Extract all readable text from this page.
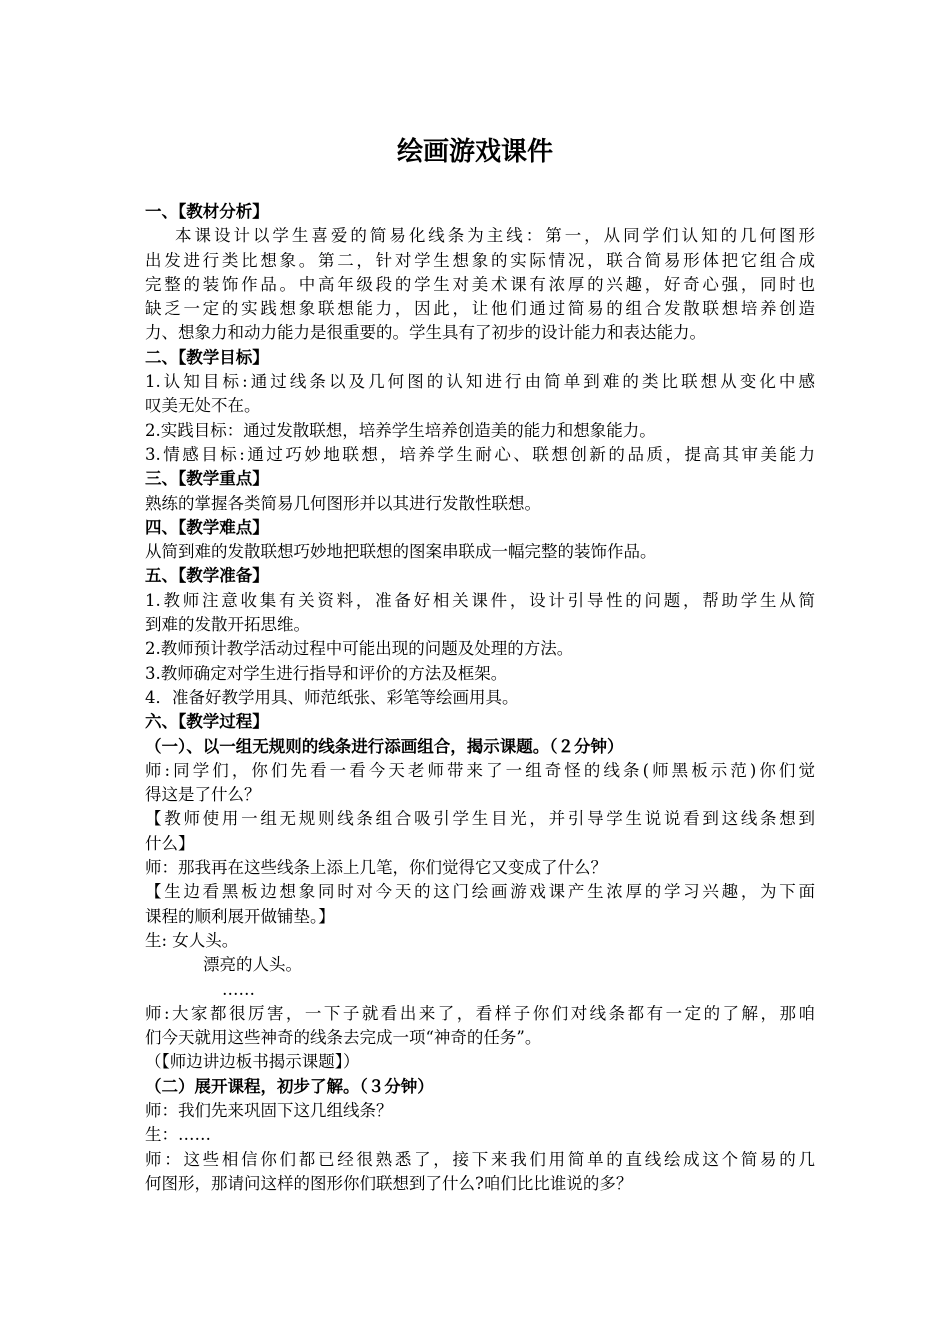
绘画游戏课件
一、【教材分析】
本课设计以学生喜爱的简易化线条为主线：第一，从同学们认知的几何图形
出发进行类比想象。第二，针对学生想象的实际情况，联合简易形体把它组合成
完整的装饰作品。中高年级段的学生对美术课有浓厚的兴趣，好奇心强，同时也
缺乏一定的实践想象联想能力，因此，让他们通过简易的组合发散联想培养创造
力、想象力和动力能力是很重要的。学生具有了初步的设计能力和表达能力。
二、【教学目标】
1.认知目标:通过线条以及几何图的认知进行由简单到难的类比联想从变化中感
叹美无处不在。
2.实践目标：通过发散联想，培养学生培养创造美的能力和想象能力。
3.情感目标:通过巧妙地联想，培养学生耐心、联想创新的品质，提高其审美能力
三、【教学重点】
熟练的掌握各类简易几何图形并以其进行发散性联想。
四、【教学难点】
从简到难的发散联想巧妙地把联想的图案串联成一幅完整的装饰作品。
五、【教学准备】
1.教师注意收集有关资料，准备好相关课件，设计引导性的问题，帮助学生从简
到难的发散开拓思维。
2.教师预计教学活动过程中可能出现的问题及处理的方法。
3.教师确定对学生进行指导和评价的方法及框架。
4．准备好教学用具、师范纸张、彩笔等绘画用具。
六、【教学过程】
（一）、以一组无规则的线条进行添画组合，揭示课题。（２分钟）
师:同学们，你们先看一看今天老师带来了一组奇怪的线条(师黑板示范)你们觉
得这是了什么？
【教师使用一组无规则线条组合吸引学生目光，并引导学生说说看到这线条想到
什么】
师：那我再在这些线条上添上几笔，你们觉得它又变成了什么？
【生边看黑板边想象同时对今天的这门绘画游戏课产生浓厚的学习兴趣，为下面
课程的顺利展开做铺垫。】
生: 女人头。
漂亮的人头。
……
师:大家都很厉害，一下子就看出来了，看样子你们对线条都有一定的了解，那咱
们今天就用这些神奇的线条去完成一项“神奇的任务”。
（【师边讲边板书揭示课题】）
（二）展开课程，初步了解。（３分钟）
师：我们先来巩固下这几组线条？
生：……
师：这些相信你们都已经很熟悉了，接下来我们用简单的直线绘成这个简易的几
何图形，那请问这样的图形你们联想到了什么?咱们比比谁说的多？
